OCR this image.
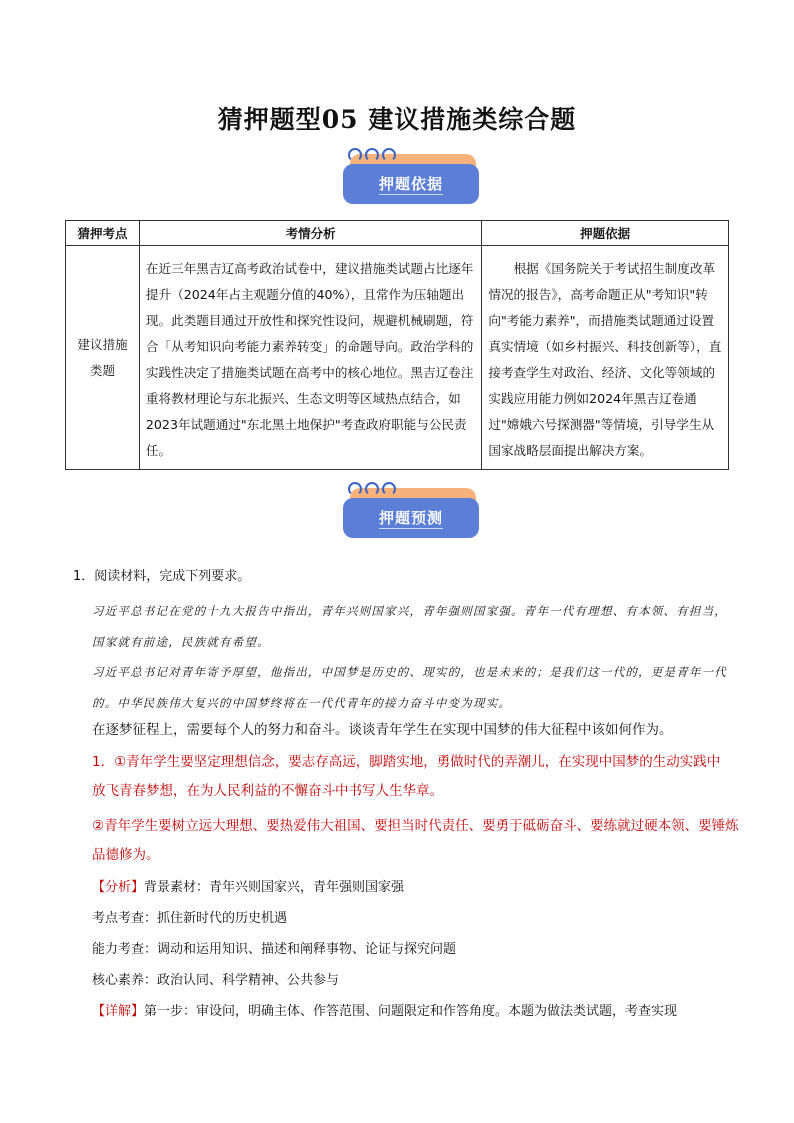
猜押题型05 建议措施类综合题
押题依据
猜押考点	考情分析	押题依据
建议措施类题	在近三年黑吉辽高考政治试卷中，建议措施类试题占比逐年提升（2024年占主观题分值的40%），且常作为压轴题出现。此类题目通过开放性和探究性设问，规避机械刷题，符合「从考知识向考能力素养转变」的命题导向。政治学科的实践性决定了措施类试题在高考中的核心地位。黑吉辽卷注重将教材理论与东北振兴、生态文明等区域热点结合，如2023年试题通过"东北黑土地保护"考查政府职能与公民责任。	根据《国务院关于考试招生制度改革情况的报告》，高考命题正从"考知识"转向"考能力素养"，而措施类试题通过设置真实情境（如乡村振兴、科技创新等），直接考查学生对政治、经济、文化等领域的实践应用能力例如2024年黑吉辽卷通过"嫦娥六号探测器"等情境，引导学生从国家战略层面提出解决方案。
押题预测
1．阅读材料，完成下列要求。
习近平总书记在党的十九大报告中指出，青年兴则国家兴，青年强则国家强。青年一代有理想、有本领、有担当，国家就有前途，民族就有希望。
习近平总书记对青年寄予厚望，他指出，中国梦是历史的、现实的，也是未来的；是我们这一代的，更是青年一代的。中华民族伟大复兴的中国梦终将在一代代青年的接力奋斗中变为现实。
在逐梦征程上，需要每个人的努力和奋斗。谈谈青年学生在实现中国梦的伟大征程中该如何作为。
1．①青年学生要坚定理想信念，要志存高远，脚踏实地，勇做时代的弄潮儿，在实现中国梦的生动实践中放飞青春梦想，在为人民利益的不懈奋斗中书写人生华章。
②青年学生要树立远大理想、要热爱伟大祖国、要担当时代责任、要勇于砥砺奋斗、要练就过硬本领、要锤炼品德修为。
【分析】背景素材：青年兴则国家兴，青年强则国家强
考点考查：抓住新时代的历史机遇
能力考查：调动和运用知识、描述和阐释事物、论证与探究问题
核心素养：政治认同、科学精神、公共参与
【详解】第一步：审设问，明确主体、作答范围、问题限定和作答角度。本题为做法类试题，考查实现
